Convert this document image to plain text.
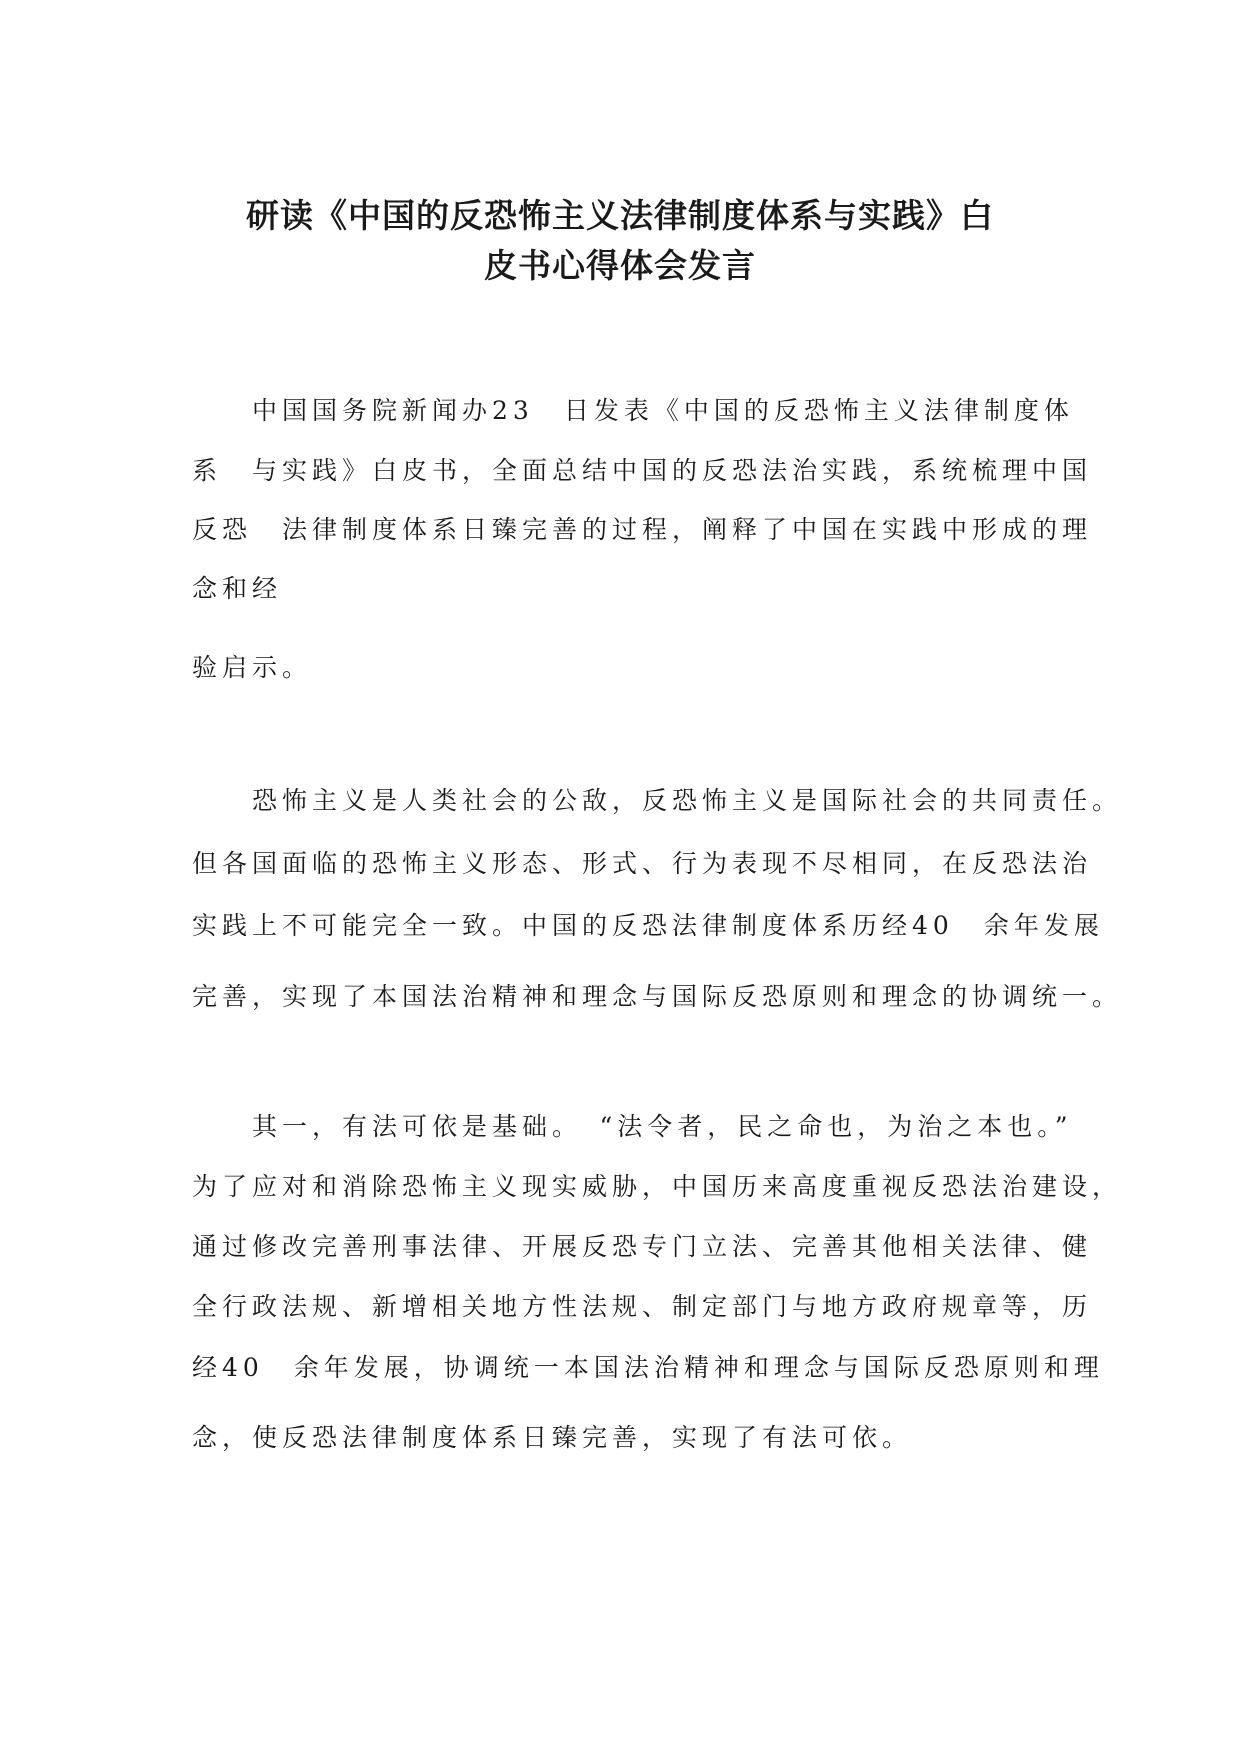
研读《中国的反恐怖主义法律制度体系与实践》白
皮书心得体会发言
　　中国国务院新闻办23　日发表《中国的反恐怖主义法律制度体
系　与实践》白皮书，全面总结中国的反恐法治实践，系统梳理中国
反恐　法律制度体系日臻完善的过程，阐释了中国在实践中形成的理
念和经
验启示。
　　恐怖主义是人类社会的公敌，反恐怖主义是国际社会的共同责任。
但各国面临的恐怖主义形态、形式、行为表现不尽相同，在反恐法治
实践上不可能完全一致。中国的反恐法律制度体系历经40　余年发展
完善，实现了本国法治精神和理念与国际反恐原则和理念的协调统一。
　　其一，有法可依是基础。　“法令者，民之命也，为治之本也。”
为了应对和消除恐怖主义现实威胁，中国历来高度重视反恐法治建设，
通过修改完善刑事法律、开展反恐专门立法、完善其他相关法律、健
全行政法规、新增相关地方性法规、制定部门与地方政府规章等，历
经40　余年发展，协调统一本国法治精神和理念与国际反恐原则和理
念，使反恐法律制度体系日臻完善，实现了有法可依。
